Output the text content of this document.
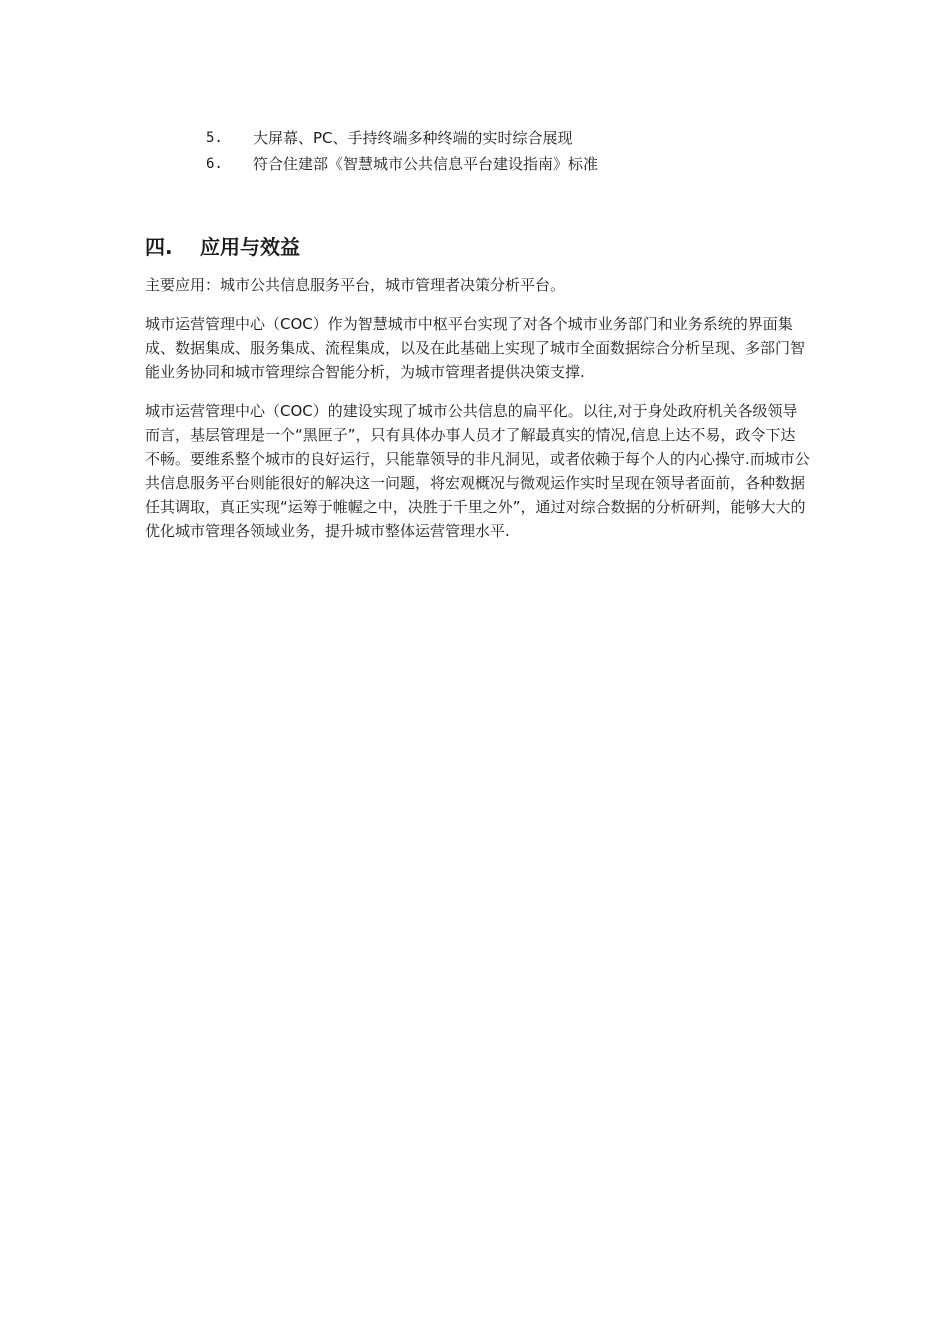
5.	大屏幕、PC、手持终端多种终端的实时综合展现
6.	符合住建部《智慧城市公共信息平台建设指南》标准
四.	应用与效益

主要应用：城市公共信息服务平台，城市管理者决策分析平台。

城市运营管理中心（COC）作为智慧城市中枢平台实现了对各个城市业务部门和业务系统的界面集成、数据集成、服务集成、流程集成，以及在此基础上实现了城市全面数据综合分析呈现、多部门智能业务协同和城市管理综合智能分析，为城市管理者提供决策支撑.

城市运营管理中心（COC）的建设实现了城市公共信息的扁平化。以往,对于身处政府机关各级领导而言，基层管理是一个“黑匣子”，只有具体办事人员才了解最真实的情况,信息上达不易，政令下达不畅。要维系整个城市的良好运行，只能靠领导的非凡洞见，或者依赖于每个人的内心操守.而城市公共信息服务平台则能很好的解决这一问题，将宏观概况与微观运作实时呈现在领导者面前，各种数据任其调取，真正实现“运筹于帷幄之中，决胜于千里之外”，通过对综合数据的分析研判，能够大大的优化城市管理各领域业务，提升城市整体运营管理水平.
